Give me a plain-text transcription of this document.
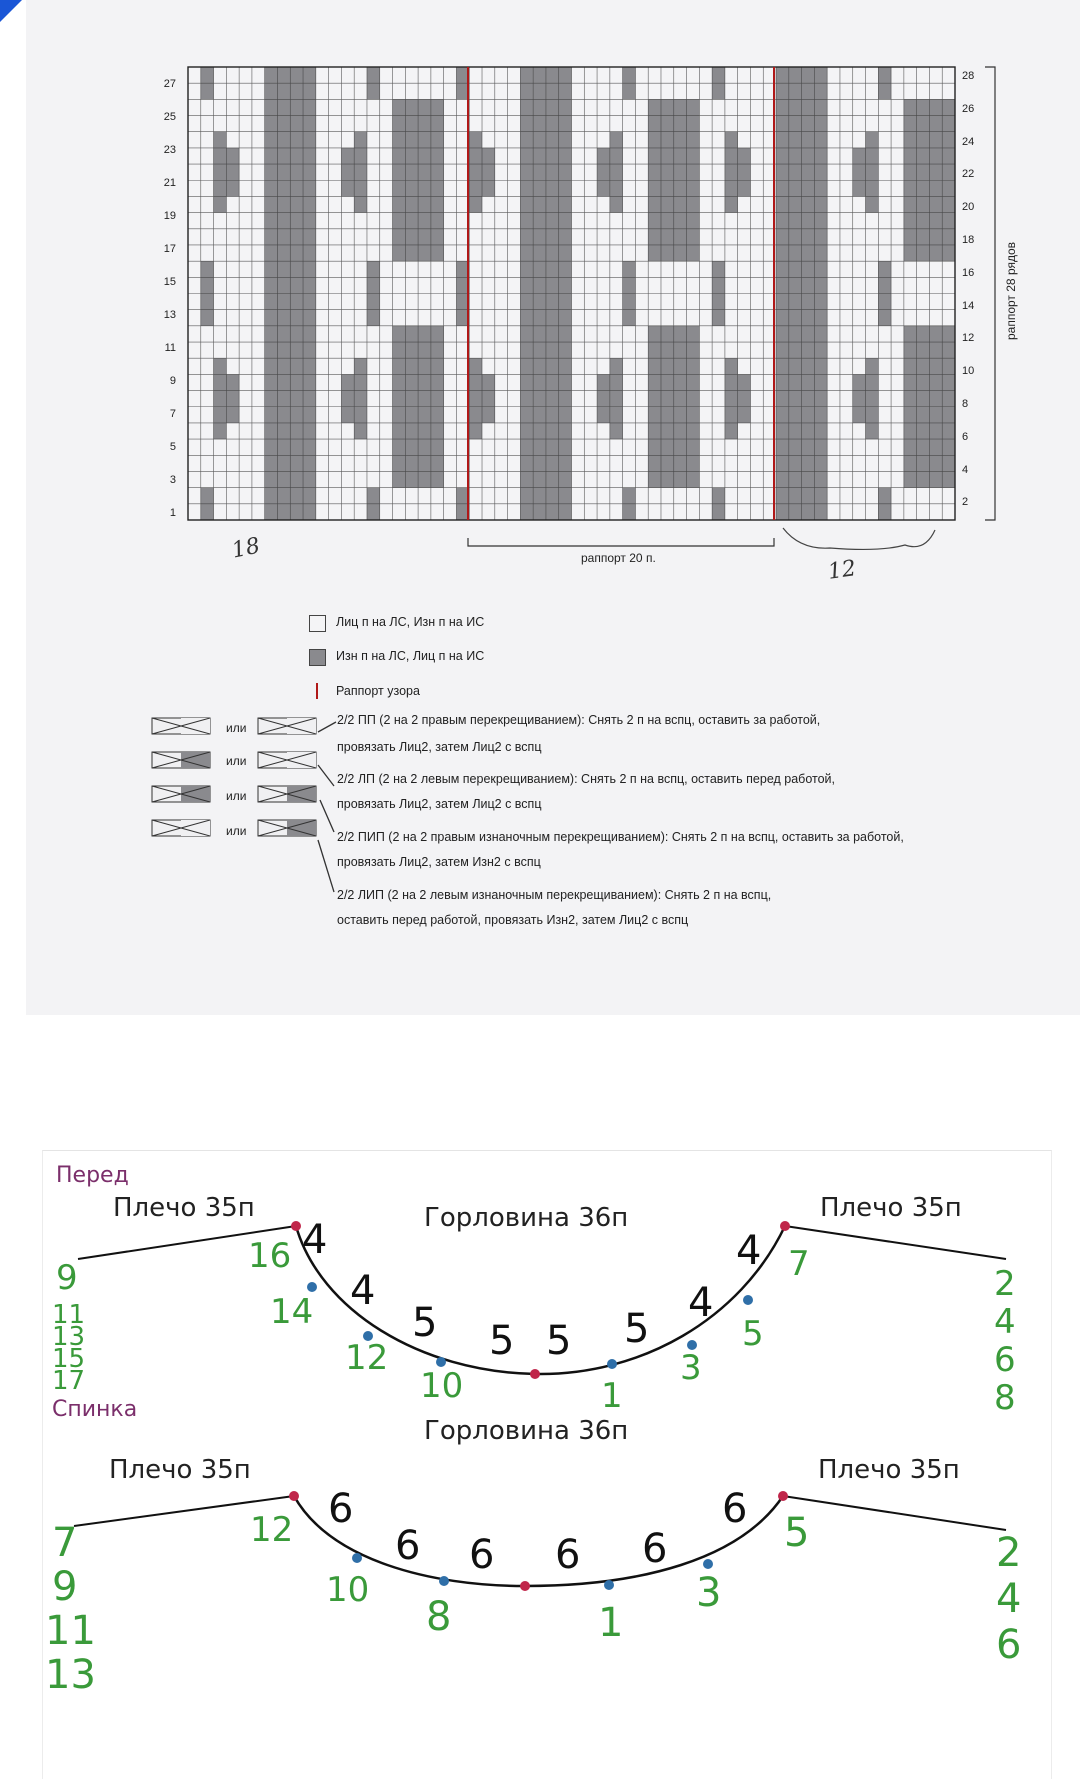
27
25
23
21
19
17
15
13
11
9
7
5
3
1
28
26
24
22
20
18
16
14
12
10
8
6
4
2
раппорт 28 рядов
раппорт 20 п.
18
12
Лиц п на ЛС, Изн п на ИС
Изн п на ЛС, Лиц п на ИС
Раппорт узора
или
или
или
или
2/2 ПП (2 на 2 правым перекрещиванием): Снять 2 п на вспц, оставить за работой,
провязать Лиц2, затем Лиц2 с вспц
2/2 ЛП (2 на 2 левым перекрещиванием): Снять 2 п на вспц, оставить перед работой,
провязать Лиц2, затем Лиц2 с вспц
2/2 ПИП (2 на 2 правым изнаночным перекрещиванием): Снять 2 п на вспц, оставить за работой,
провязать Лиц2, затем Изн2 с вспц
2/2 ЛИП (2 на 2 левым изнаночным перекрещиванием): Снять 2 п на вспц,
оставить перед работой, провязать Изн2, затем Лиц2 с вспц
Перед
Плечо 35п	Горловина 36п	Плечо 35п
9
11
13
15
17
2
4
6
8
4
4
5 5 5 5
4
4
16
14
12
10	1
3
5
7
Спинка
Горловина 36п
Плечо 35п	Плечо 35п
7
9
11
13
2
4
6
6
6 6 6 6
6
12
10
8	1
3
5
